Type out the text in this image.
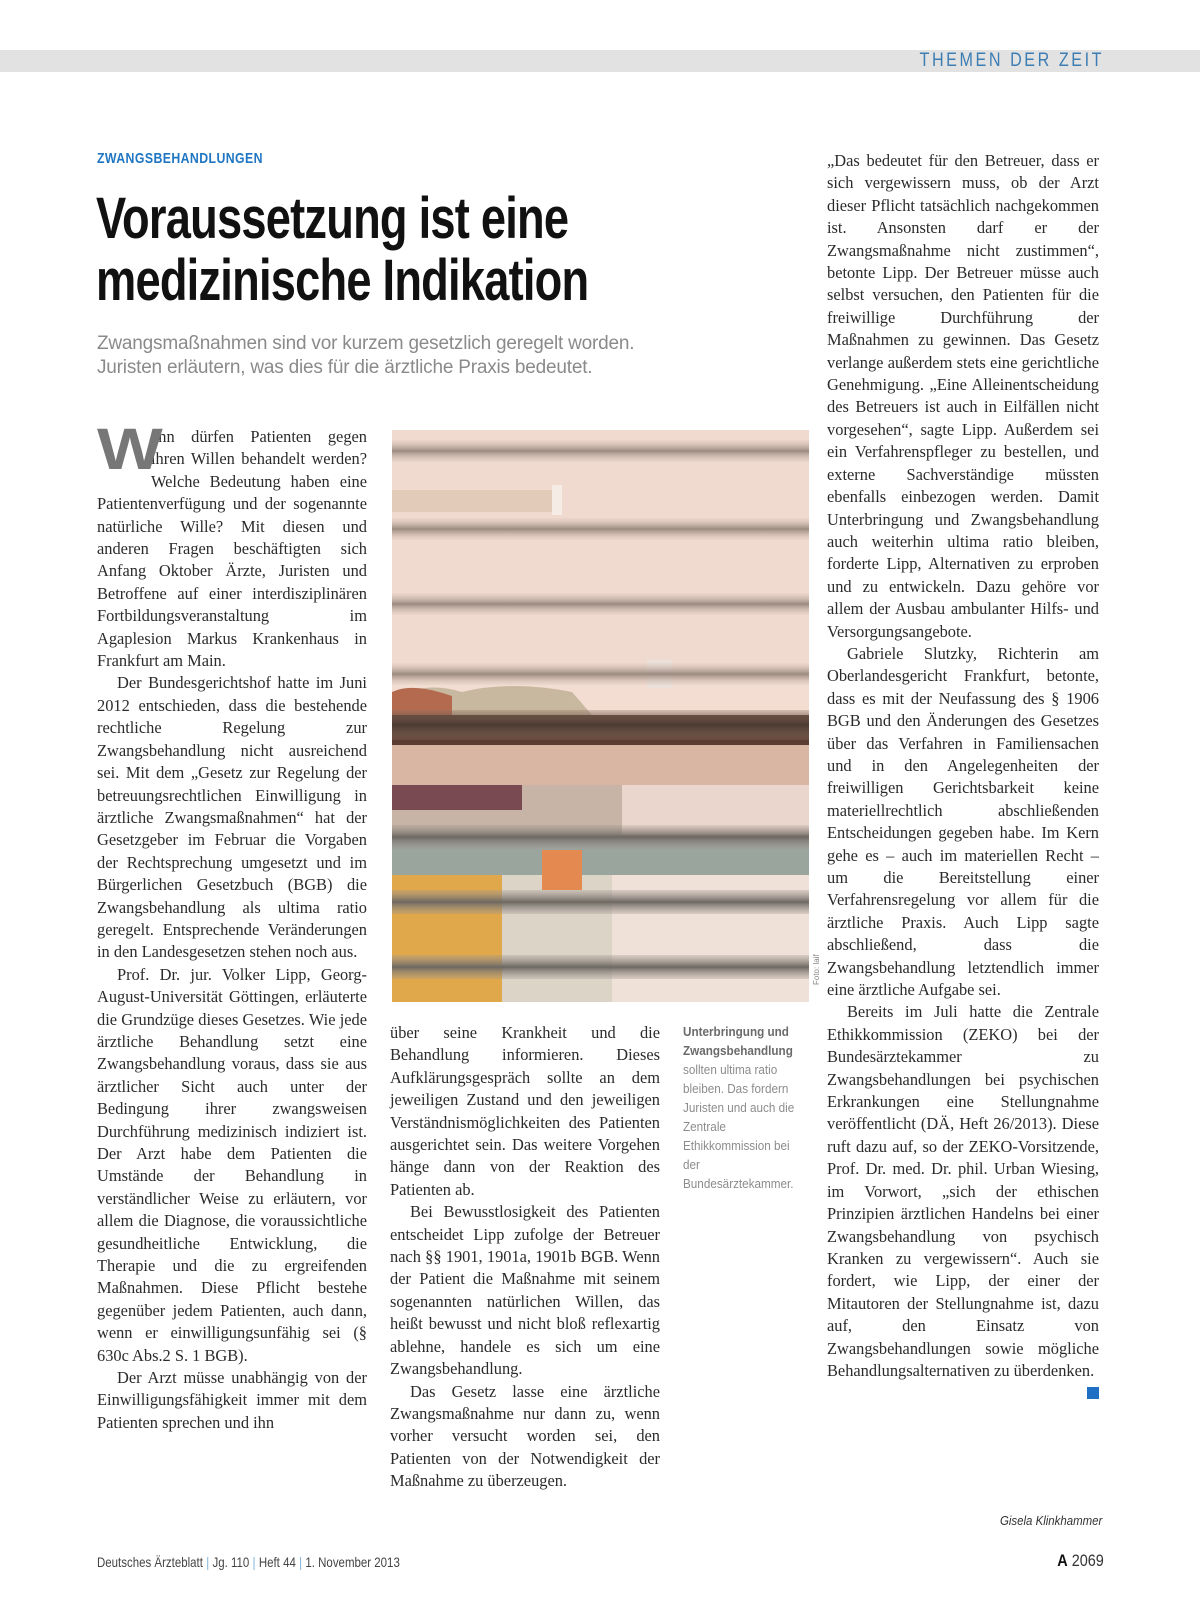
THEMEN DER ZEIT
ZWANGSBEHANDLUNGEN
Voraussetzung ist eine
medizinische Indikation
Zwangsmaßnahmen sind vor kurzem gesetzlich geregelt worden.
Juristen erläutern, was dies für die ärztliche Praxis bedeutet.

W
ann dürfen Patienten gegen ihren Willen behandelt werden? Welche Bedeutung haben eine Patientenverfügung und der sogenannte natürliche Wille? Mit diesen und anderen Fragen beschäftigten sich Anfang Oktober Ärzte, Juristen und Betroffene auf einer interdisziplinären Fortbildungsveranstaltung im Agaplesion Markus Krankenhaus in Frankfurt am Main.

Der Bundesgerichtshof hatte im Juni 2012 entschieden, dass die bestehende rechtliche Regelung zur Zwangsbehandlung nicht ausreichend sei. Mit dem „Gesetz zur Regelung der betreuungsrechtlichen Einwilligung in ärztliche Zwangsmaßnahmen“ hat der Gesetzgeber im Februar die Vorgaben der Rechtsprechung umgesetzt und im Bürgerlichen Gesetzbuch (BGB) die Zwangsbehandlung als ultima ratio geregelt. Entsprechende Veränderungen in den Landesgesetzen stehen noch aus.

Prof. Dr. jur. Volker Lipp, Georg-August-Universität Göttingen, erläuterte die Grundzüge dieses Gesetzes. Wie jede ärztliche Behandlung setzt eine Zwangsbehandlung voraus, dass sie aus ärztlicher Sicht auch unter der Bedingung ihrer zwangsweisen Durchführung medizinisch indiziert ist. Der Arzt habe dem Patienten die Umstände der Behandlung in verständlicher Weise zu erläutern, vor allem die Diagnose, die voraussichtliche gesundheitliche Entwicklung, die Therapie und die zu ergreifenden Maßnahmen. Diese Pflicht bestehe gegenüber jedem Patienten, auch dann, wenn er einwilligungsunfähig sei (§ 630c Abs.2 S. 1 BGB).

Der Arzt müsse unabhängig von der Einwilligungsfähigkeit immer mit dem Patienten sprechen und ihn

Foto: laif

über seine Krankheit und die Behandlung informieren. Dieses Aufklärungsgespräch sollte an dem jeweiligen Zustand und den jeweiligen Verständnismöglichkeiten des Patienten ausgerichtet sein. Das weitere Vorgehen hänge dann von der Reaktion des Patienten ab.

Bei Bewusstlosigkeit des Patienten entscheidet Lipp zufolge der Betreuer nach §§ 1901, 1901a, 1901b BGB. Wenn der Patient die Maßnahme mit seinem sogenannten natürlichen Willen, das heißt bewusst und nicht bloß reflexartig ablehne, handele es sich um eine Zwangsbehandlung.

Das Gesetz lasse eine ärztliche Zwangsmaßnahme nur dann zu, wenn vorher versucht worden sei, den Patienten von der Notwendigkeit der Maßnahme zu überzeugen.

Unterbringung und Zwangsbehandlung sollten ultima ratio bleiben. Das fordern Juristen und auch die Zentrale Ethikkommission bei der Bundesärztekammer.

„Das bedeutet für den Betreuer, dass er sich vergewissern muss, ob der Arzt dieser Pflicht tatsächlich nachgekommen ist. Ansonsten darf er der Zwangsmaßnahme nicht zustimmen“, betonte Lipp. Der Betreuer müsse auch selbst versuchen, den Patienten für die freiwillige Durchführung der Maßnahmen zu gewinnen. Das Gesetz verlange außerdem stets eine gerichtliche Genehmigung. „Eine Alleinentscheidung des Betreuers ist auch in Eilfällen nicht vorgesehen“, sagte Lipp. Außerdem sei ein Verfahrenspfleger zu bestellen, und externe Sachverständige müssten ebenfalls einbezogen werden. Damit Unterbringung und Zwangsbehandlung auch weiterhin ultima ratio bleiben, forderte Lipp, Alternativen zu erproben und zu entwickeln. Dazu gehöre vor allem der Ausbau ambulanter Hilfs- und Versorgungsangebote.

Gabriele Slutzky, Richterin am Oberlandesgericht Frankfurt, betonte, dass es mit der Neufassung des § 1906 BGB und den Änderungen des Gesetzes über das Verfahren in Familiensachen und in den Angelegenheiten der freiwilligen Gerichtsbarkeit keine materiellrechtlich abschließenden Entscheidungen gegeben habe. Im Kern gehe es – auch im materiellen Recht – um die Bereitstellung einer Verfahrensregelung vor allem für die ärztliche Praxis. Auch Lipp sagte abschließend, dass die Zwangsbehandlung letztendlich immer eine ärztliche Aufgabe sei.

Bereits im Juli hatte die Zentrale Ethikkommission (ZEKO) bei der Bundesärztekammer zu Zwangsbehandlungen bei psychischen Erkrankungen eine Stellungnahme veröffentlicht (DÄ, Heft 26/2013). Diese ruft dazu auf, so der ZEKO-Vorsitzende, Prof. Dr. med. Dr. phil. Urban Wiesing, im Vorwort, „sich der ethischen Prinzipien ärztlichen Handelns bei einer Zwangsbehandlung von psychisch Kranken zu vergewissern“. Auch sie fordert, wie Lipp, der einer der Mitautoren der Stellungnahme ist, dazu auf, den Einsatz von Zwangsbehandlungen sowie mögliche Behandlungsalternativen zu überdenken.

Gisela Klinkhammer
Deutsches Ärzteblatt | Jg. 110 | Heft 44 | 1. November 2013	A 2069
